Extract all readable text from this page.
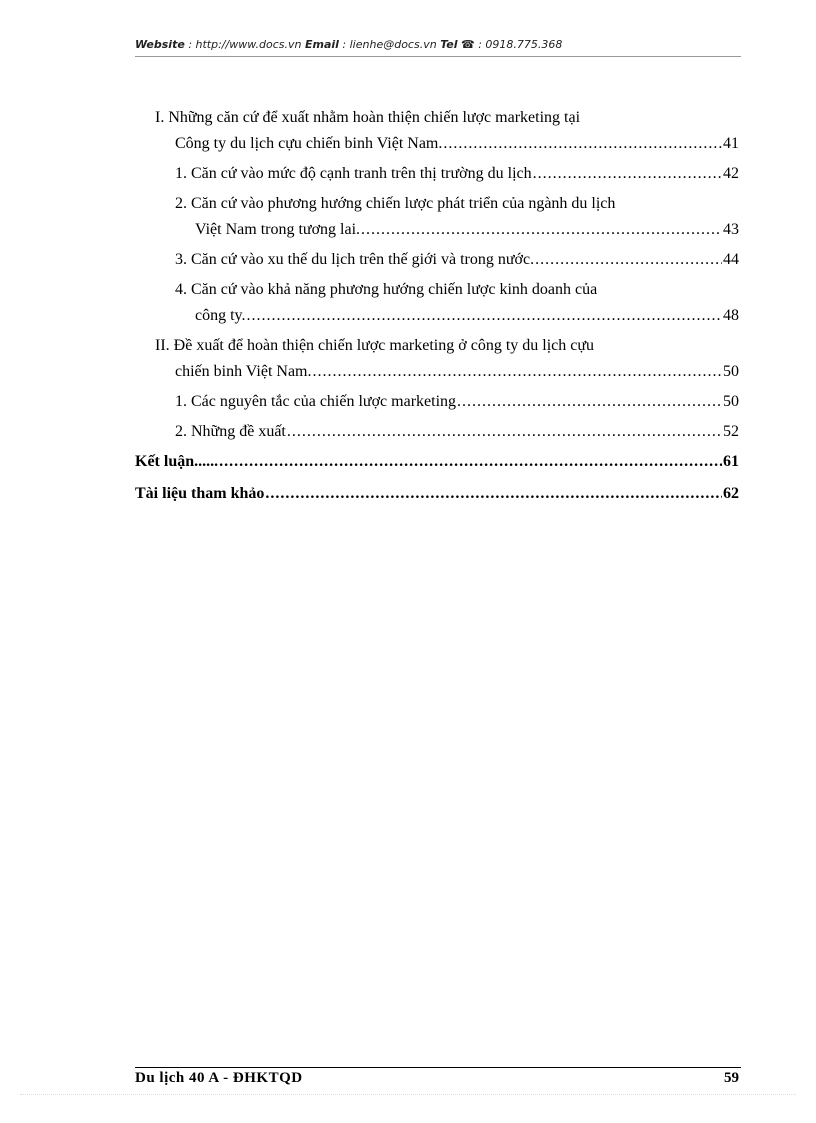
Website : http://www.docs.vn Email : lienhe@docs.vn Tel ☎ : 0918.775.368
I. Những căn cứ để xuất nhằm hoàn thiện chiến lược marketing tại
Công ty du lịch cựu chiến binh Việt Nam. .....	41
1. Căn cứ vào mức độ cạnh tranh trên thị trường du lịch .....	42
2. Căn cứ vào phương hướng chiến lược phát triển của ngành du lịch
Việt Nam trong tương lai. .....	43
3. Căn cứ vào xu thế du lịch trên thế giới và trong nước. .....	44
4. Căn cứ vào khả năng phương hướng chiến lược kinh doanh của
công ty. .....	48
II. Đề xuất để hoàn thiện chiến lược marketing ở công ty du lịch cựu
chiến binh Việt Nam. .....	50
1. Các nguyên tắc của chiến lược marketing .....	50
2. Những đề xuất .....	52
Kết luận...... .....	61
Tài liệu tham khảo .....	62
Du lịch 40 A - ĐHKTQD	59
